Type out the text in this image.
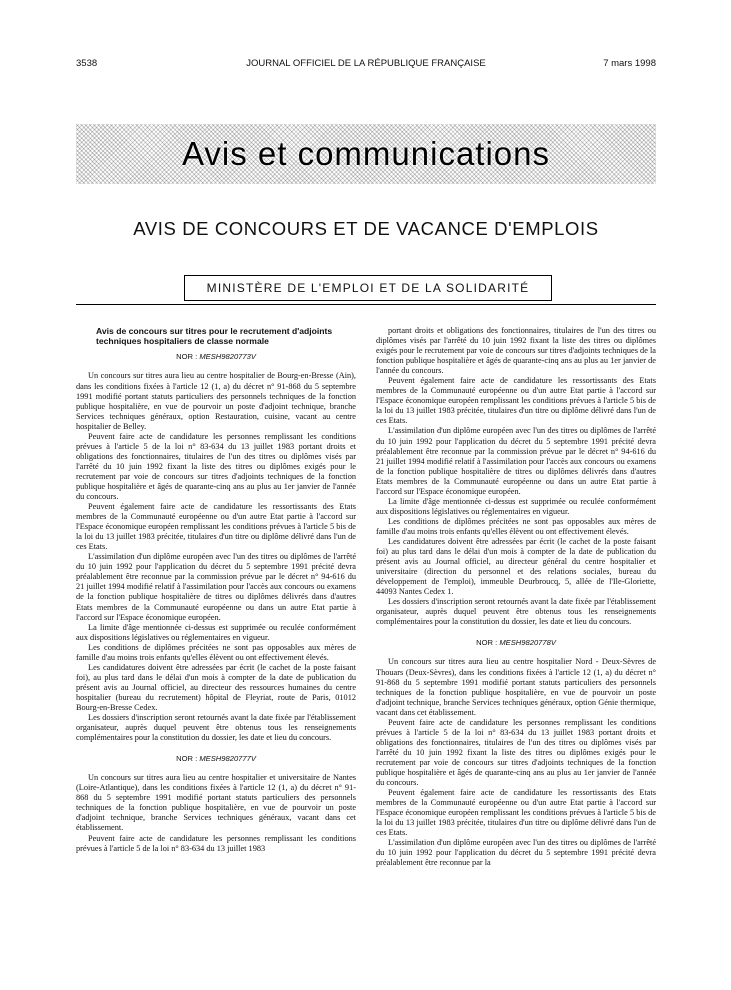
3538	JOURNAL OFFICIEL DE LA RÉPUBLIQUE FRANÇAISE	7 mars 1998
Avis et communications
AVIS DE CONCOURS ET DE VACANCE D'EMPLOIS
MINISTÈRE DE L'EMPLOI ET DE LA SOLIDARITÉ

Avis de concours sur titres pour le recrutement d'adjoints techniques hospitaliers de classe normale

NOR : MESH9820773V

Un concours sur titres aura lieu au centre hospitalier de Bourg-en-Bresse (Ain), dans les conditions fixées à l'article 12 (1, a) du décret n° 91-868 du 5 septembre 1991 modifié portant statuts particuliers des personnels techniques de la fonction publique hospitalière, en vue de pourvoir un poste d'adjoint technique, branche Services techniques généraux, option Restauration, cuisine, vacant au centre hospitalier de Belley.

Peuvent faire acte de candidature les personnes remplissant les conditions prévues à l'article 5 de la loi n° 83-634 du 13 juillet 1983 portant droits et obligations des fonctionnaires, titulaires de l'un des titres ou diplômes visés par l'arrêté du 10 juin 1992 fixant la liste des titres ou diplômes exigés pour le recrutement par voie de concours sur titres d'adjoints techniques de la fonction publique hospitalière et âgés de quarante-cinq ans au plus au 1er janvier de l'année du concours.

Peuvent également faire acte de candidature les ressortissants des Etats membres de la Communauté européenne ou d'un autre Etat partie à l'accord sur l'Espace économique européen remplissant les conditions prévues à l'article 5 bis de la loi du 13 juillet 1983 précitée, titulaires d'un titre ou diplôme délivré dans l'un de ces Etats.

L'assimilation d'un diplôme européen avec l'un des titres ou diplômes de l'arrêté du 10 juin 1992 pour l'application du décret du 5 septembre 1991 précité devra préalablement être reconnue par la commission prévue par le décret n° 94-616 du 21 juillet 1994 modifié relatif à l'assimilation pour l'accès aux concours ou examens de la fonction publique hospitalière de titres ou diplômes délivrés dans d'autres Etats membres de la Communauté européenne ou dans un autre Etat partie à l'accord sur l'Espace économique européen.

La limite d'âge mentionnée ci-dessus est supprimée ou reculée conformément aux dispositions législatives ou réglementaires en vigueur.

Les conditions de diplômes précitées ne sont pas opposables aux mères de famille d'au moins trois enfants qu'elles élèvent ou ont effectivement élevés.

Les candidatures doivent être adressées par écrit (le cachet de la poste faisant foi), au plus tard dans le délai d'un mois à compter de la date de publication du présent avis au Journal officiel, au directeur des ressources humaines du centre hospitalier (bureau du recrutement) hôpital de Fleyriat, route de Paris, 01012 Bourg-en-Bresse Cedex.

Les dossiers d'inscription seront retournés avant la date fixée par l'établissement organisateur, auprès duquel peuvent être obtenus tous les renseignements complémentaires pour la constitution du dossier, les date et lieu du concours.

NOR : MESH9820777V

Un concours sur titres aura lieu au centre hospitalier et universitaire de Nantes (Loire-Atlantique), dans les conditions fixées à l'article 12 (1, a) du décret n° 91-868 du 5 septembre 1991 modifié portant statuts particuliers des personnels techniques de la fonction publique hospitalière, en vue de pourvoir un poste d'adjoint technique, branche Services techniques généraux, vacant dans cet établissement.

Peuvent faire acte de candidature les personnes remplissant les conditions prévues à l'article 5 de la loi n° 83-634 du 13 juillet 1983

portant droits et obligations des fonctionnaires, titulaires de l'un des titres ou diplômes visés par l'arrêté du 10 juin 1992 fixant la liste des titres ou diplômes exigés pour le recrutement par voie de concours sur titres d'adjoints techniques de la fonction publique hospitalière et âgés de quarante-cinq ans au plus au 1er janvier de l'année du concours.

Peuvent également faire acte de candidature les ressortissants des Etats membres de la Communauté européenne ou d'un autre Etat partie à l'accord sur l'Espace économique européen remplissant les conditions prévues à l'article 5 bis de la loi du 13 juillet 1983 précitée, titulaires d'un titre ou diplôme délivré dans l'un de ces Etats.

L'assimilation d'un diplôme européen avec l'un des titres ou diplômes de l'arrêté du 10 juin 1992 pour l'application du décret du 5 septembre 1991 précité devra préalablement être reconnue par la commission prévue par le décret n° 94-616 du 21 juillet 1994 modifié relatif à l'assimilation pour l'accès aux concours ou examens de la fonction publique hospitalière de titres ou diplômes délivrés dans d'autres Etats membres de la Communauté européenne ou dans un autre Etat partie à l'accord sur l'Espace économique européen.

La limite d'âge mentionnée ci-dessus est supprimée ou reculée conformément aux dispositions législatives ou réglementaires en vigueur.

Les conditions de diplômes précitées ne sont pas opposables aux mères de famille d'au moins trois enfants qu'elles élèvent ou ont effectivement élevés.

Les candidatures doivent être adressées par écrit (le cachet de la poste faisant foi) au plus tard dans le délai d'un mois à compter de la date de publication du présent avis au Journal officiel, au directeur général du centre hospitalier et universitaire (direction du personnel et des relations sociales, bureau du développement de l'emploi), immeuble Deurbroucq, 5, allée de l'Ile-Gloriette, 44093 Nantes Cedex 1.

Les dossiers d'inscription seront retournés avant la date fixée par l'établissement organisateur, auprès duquel peuvent être obtenus tous les renseignements complémentaires pour la constitution du dossier, les date et lieu du concours.

NOR : MESH9820778V

Un concours sur titres aura lieu au centre hospitalier Nord - Deux-Sèvres de Thouars (Deux-Sèvres), dans les conditions fixées à l'article 12 (1, a) du décret n° 91-868 du 5 septembre 1991 modifié portant statuts particuliers des personnels techniques de la fonction publique hospitalière, en vue de pourvoir un poste d'adjoint technique, branche Services techniques généraux, option Génie thermique, vacant dans cet établissement.

Peuvent faire acte de candidature les personnes remplissant les conditions prévues à l'article 5 de la loi n° 83-634 du 13 juillet 1983 portant droits et obligations des fonctionnaires, titulaires de l'un des titres ou diplômes visés par l'arrêté du 10 juin 1992 fixant la liste des titres ou diplômes exigés pour le recrutement par voie de concours sur titres d'adjoints techniques de la fonction publique hospitalière et âgés de quarante-cinq ans au plus au 1er janvier de l'année du concours.

Peuvent également faire acte de candidature les ressortissants des Etats membres de la Communauté européenne ou d'un autre Etat partie à l'accord sur l'Espace économique européen remplissant les conditions prévues à l'article 5 bis de la loi du 13 juillet 1983 précitée, titulaires d'un titre ou diplôme délivré dans l'un de ces Etats.

L'assimilation d'un diplôme européen avec l'un des titres ou diplômes de l'arrêté du 10 juin 1992 pour l'application du décret du 5 septembre 1991 précité devra préalablement être reconnue par la
